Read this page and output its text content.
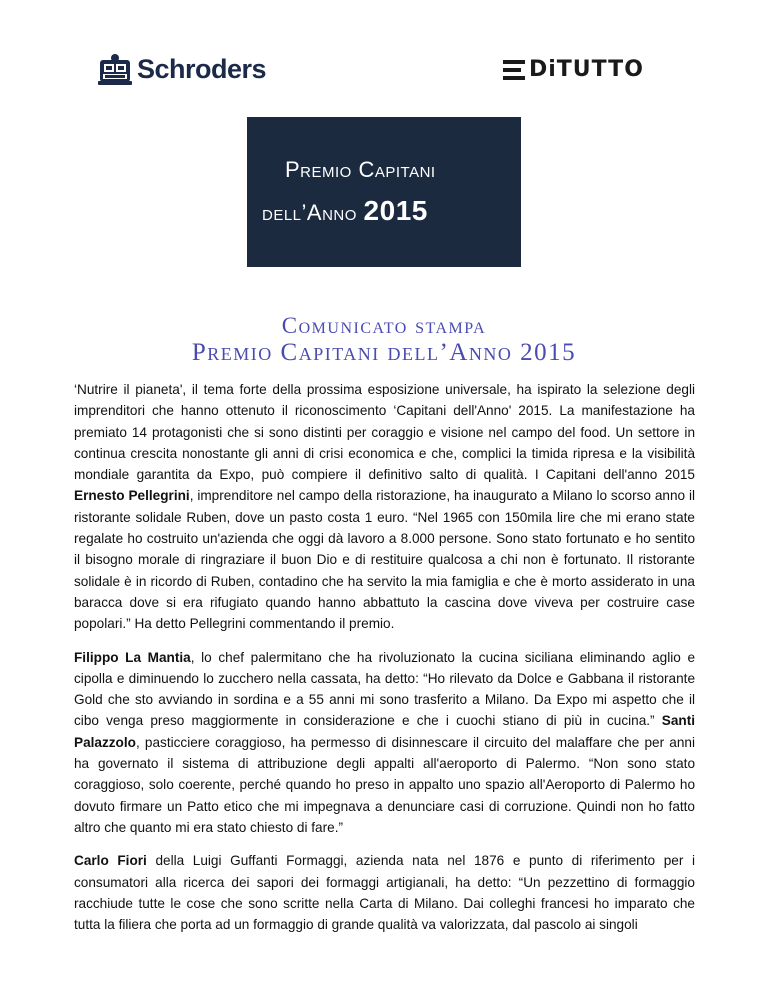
Schroders	DiTUTTO
Premio Capitani
dell’Anno 2015
Comunicato stampa
Premio Capitani dell’Anno 2015

‘Nutrire il pianeta', il tema forte della prossima esposizione universale, ha ispirato la selezione degli imprenditori che hanno ottenuto il riconoscimento ‘Capitani dell'Anno' 2015. La manifestazione ha premiato 14 protagonisti che si sono distinti per coraggio e visione nel campo del food. Un settore in continua crescita nonostante gli anni di crisi economica e che, complici la timida ripresa e la visibilità mondiale garantita da Expo, può compiere il definitivo salto di qualità. I Capitani dell'anno 2015 Ernesto Pellegrini, imprenditore nel campo della ristorazione, ha inaugurato a Milano lo scorso anno il ristorante solidale Ruben, dove un pasto costa 1 euro. “Nel 1965 con 150mila lire che mi erano state regalate ho costruito un'azienda che oggi dà lavoro a 8.000 persone. Sono stato fortunato e ho sentito il bisogno morale di ringraziare il buon Dio e di restituire qualcosa a chi non è fortunato. Il ristorante solidale è in ricordo di Ruben, contadino che ha servito la mia famiglia e che è morto assiderato in una baracca dove si era rifugiato quando hanno abbattuto la cascina dove viveva per costruire case popolari.” Ha detto Pellegrini commentando il premio.

Filippo La Mantia, lo chef palermitano che ha rivoluzionato la cucina siciliana eliminando aglio e cipolla e diminuendo lo zucchero nella cassata, ha detto: “Ho rilevato da Dolce e Gabbana il ristorante Gold che sto avviando in sordina e a 55 anni mi sono trasferito a Milano. Da Expo mi aspetto che il cibo venga preso maggiormente in considerazione e che i cuochi stiano di più in cucina.” Santi Palazzolo, pasticciere coraggioso, ha permesso di disinnescare il circuito del malaffare che per anni ha governato il sistema di attribuzione degli appalti all'aeroporto di Palermo. “Non sono stato coraggioso, solo coerente, perché quando ho preso in appalto uno spazio all'Aeroporto di Palermo ho dovuto firmare un Patto etico che mi impegnava a denunciare casi di corruzione. Quindi non ho fatto altro che quanto mi era stato chiesto di fare.”

Carlo Fiori della Luigi Guffanti Formaggi, azienda nata nel 1876 e punto di riferimento per i consumatori alla ricerca dei sapori dei formaggi artigianali, ha detto: “Un pezzettino di formaggio racchiude tutte le cose che sono scritte nella Carta di Milano. Dai colleghi francesi ho imparato che tutta la filiera che porta ad un formaggio di grande qualità va valorizzata, dal pascolo ai singoli
